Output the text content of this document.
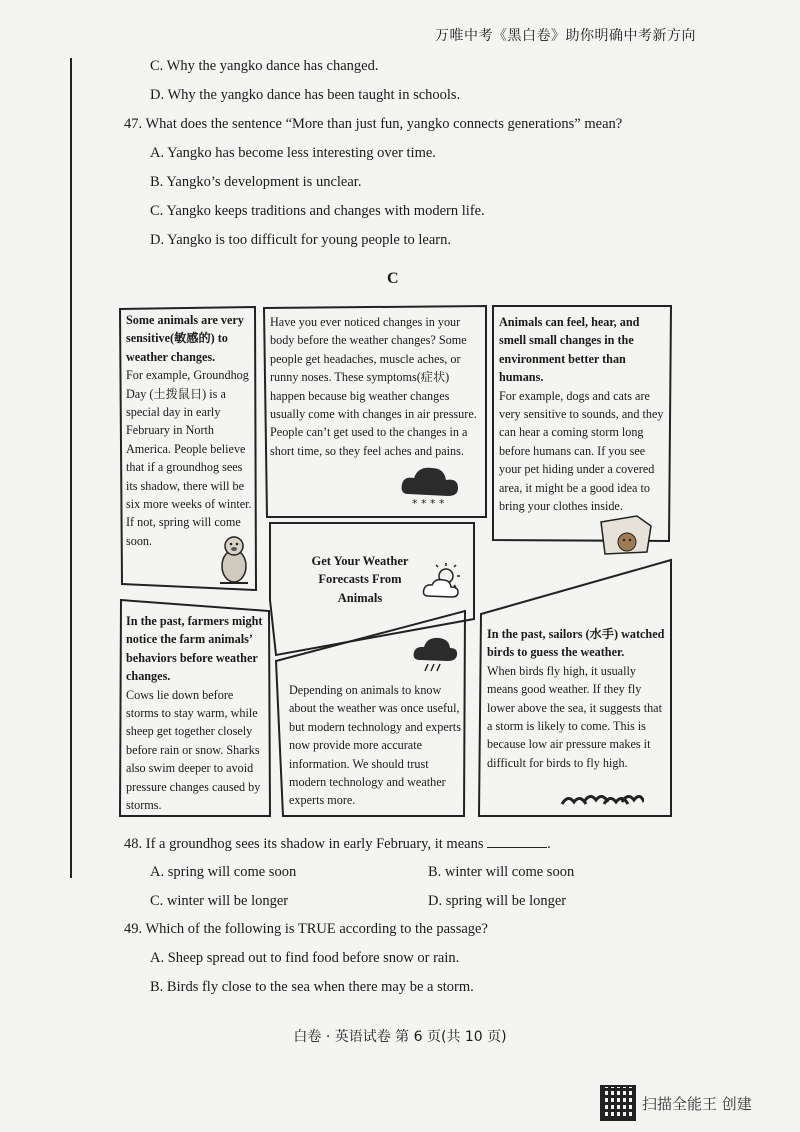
万唯中考《黑白卷》助你明确中考新方向
C. Why the yangko dance has changed.
D. Why the yangko dance has been taught in schools.
47. What does the sentence “More than just fun, yangko connects generations” mean?
A. Yangko has become less interesting over time.
B. Yangko’s development is unclear.
C. Yangko keeps traditions and changes with modern life.
D. Yangko is too difficult for young people to learn.
C
Some animals are very sensitive(敏感的) to weather changes.
For example, Groundhog Day (土拨鼠日) is a special day in early February in North America. People believe that if a groundhog sees its shadow, there will be six more weeks of winter. If not, spring will come soon.
Have you ever noticed changes in your body before the weather changes? Some people get headaches, muscle aches, or runny noses. These symptoms(症状) happen because big weather changes usually come with changes in air pressure. People can’t get used to the changes in a short time, so they feel aches and pains.
* * * *
Animals can feel, hear, and smell small changes in the environment better than humans.
For example, dogs and cats are very sensitive to sounds, and they can hear a coming storm long before humans can. If you see your pet hiding under a covered area, it might be a good idea to bring your clothes inside.
Get Your Weather Forecasts From Animals
In the past, farmers might notice the farm animals’ behaviors before weather changes.
Cows lie down before storms to stay warm, while sheep get together closely before rain or snow. Sharks also swim deeper to avoid pressure changes caused by storms.
Depending on animals to know about the weather was once useful, but modern technology and experts now provide more accurate information. We should trust modern technology and weather experts more.
In the past, sailors (水手) watched birds to guess the weather.
When birds fly high, it usually means good weather. If they fly lower above the sea, it suggests that a storm is likely to come. This is because low air pressure makes it difficult for birds to fly high.
48. If a groundhog sees its shadow in early February, it means	.
A. spring will come soon	B. winter will come soon
C. winter will be longer	D. spring will be longer
49. Which of the following is TRUE according to the passage?
A. Sheep spread out to find food before snow or rain.
B. Birds fly close to the sea when there may be a storm.
白卷 · 英语试卷 第 6 页(共 10 页)
扫描全能王 创建
